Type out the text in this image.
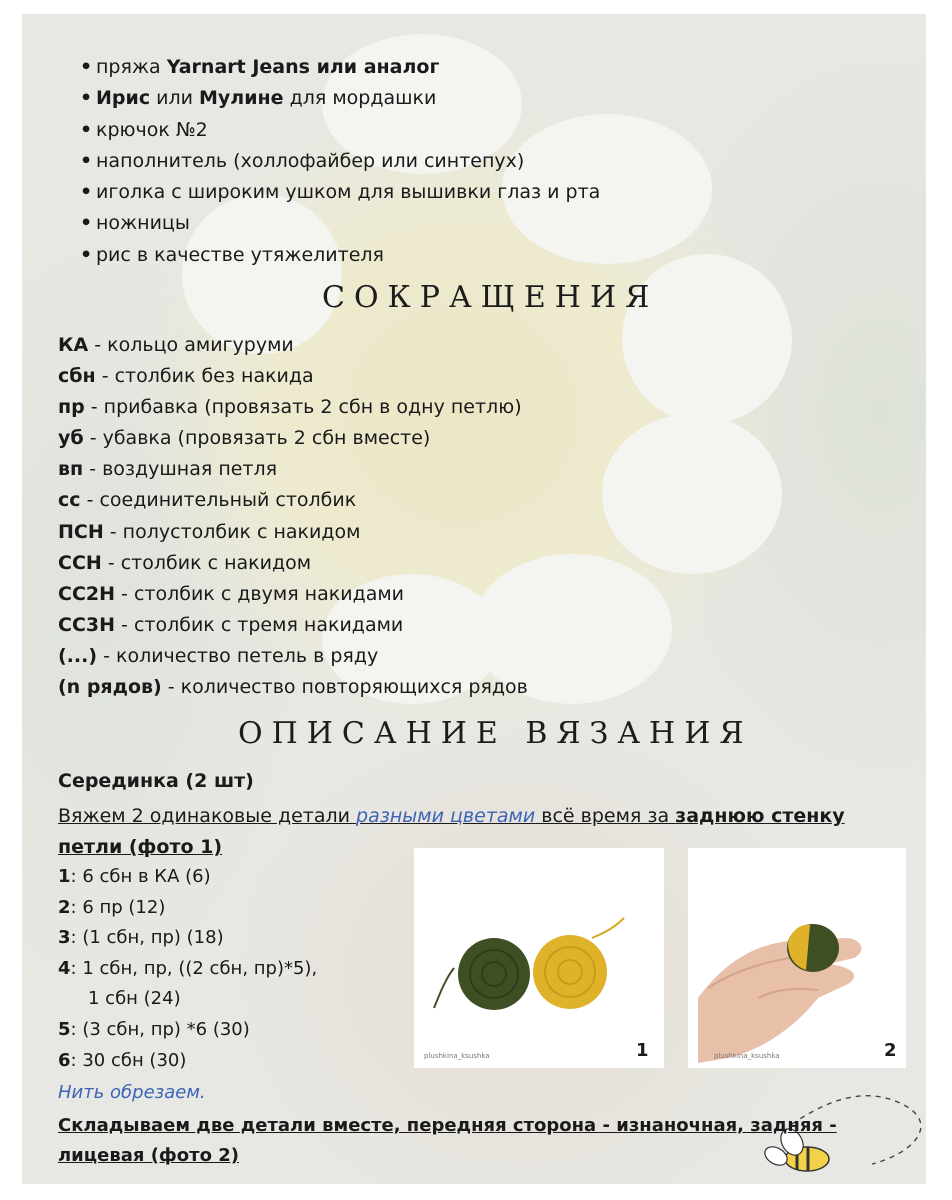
• пряжа Yarnart Jeans или аналог
• Ирис или Мулине для мордашки
• крючок №2
• наполнитель (холлофайбер или синтепух)
• иголка с широким ушком для вышивки глаз и рта
• ножницы
• рис в качестве утяжелителя
СОКРАЩЕНИЯ
КА - кольцо амигуруми
сбн - столбик без накида
пр - прибавка (провязать 2 сбн в одну петлю)
уб - убавка (провязать 2 сбн вместе)
вп - воздушная петля
сс - соединительный столбик
ПСН - полустолбик с накидом
ССН - столбик с накидом
СС2Н - столбик с двумя накидами
СС3Н - столбик с тремя накидами
(...) - количество петель в ряду
(n рядов) - количество повторяющихся рядов
ОПИСАНИЕ ВЯЗАНИЯ
Серединка (2 шт)
Вяжем 2 одинаковые детали разными цветами всё время за заднюю стенку петли (фото 1)
1: 6 сбн в КА (6)
2: 6 пр (12)
3: (1 сбн, пр) (18)
4: 1 сбн, пр, ((2 сбн, пр)*5),
1 сбн (24)
5: (3 сбн, пр) *6 (30)
6: 30 сбн (30)
Нить обрезаем.
Складываем две детали вместе, передняя сторона - изнаночная, задняя - лицевая (фото 2)
plushkina_ksushka	1	plushkina_ksushka	2
